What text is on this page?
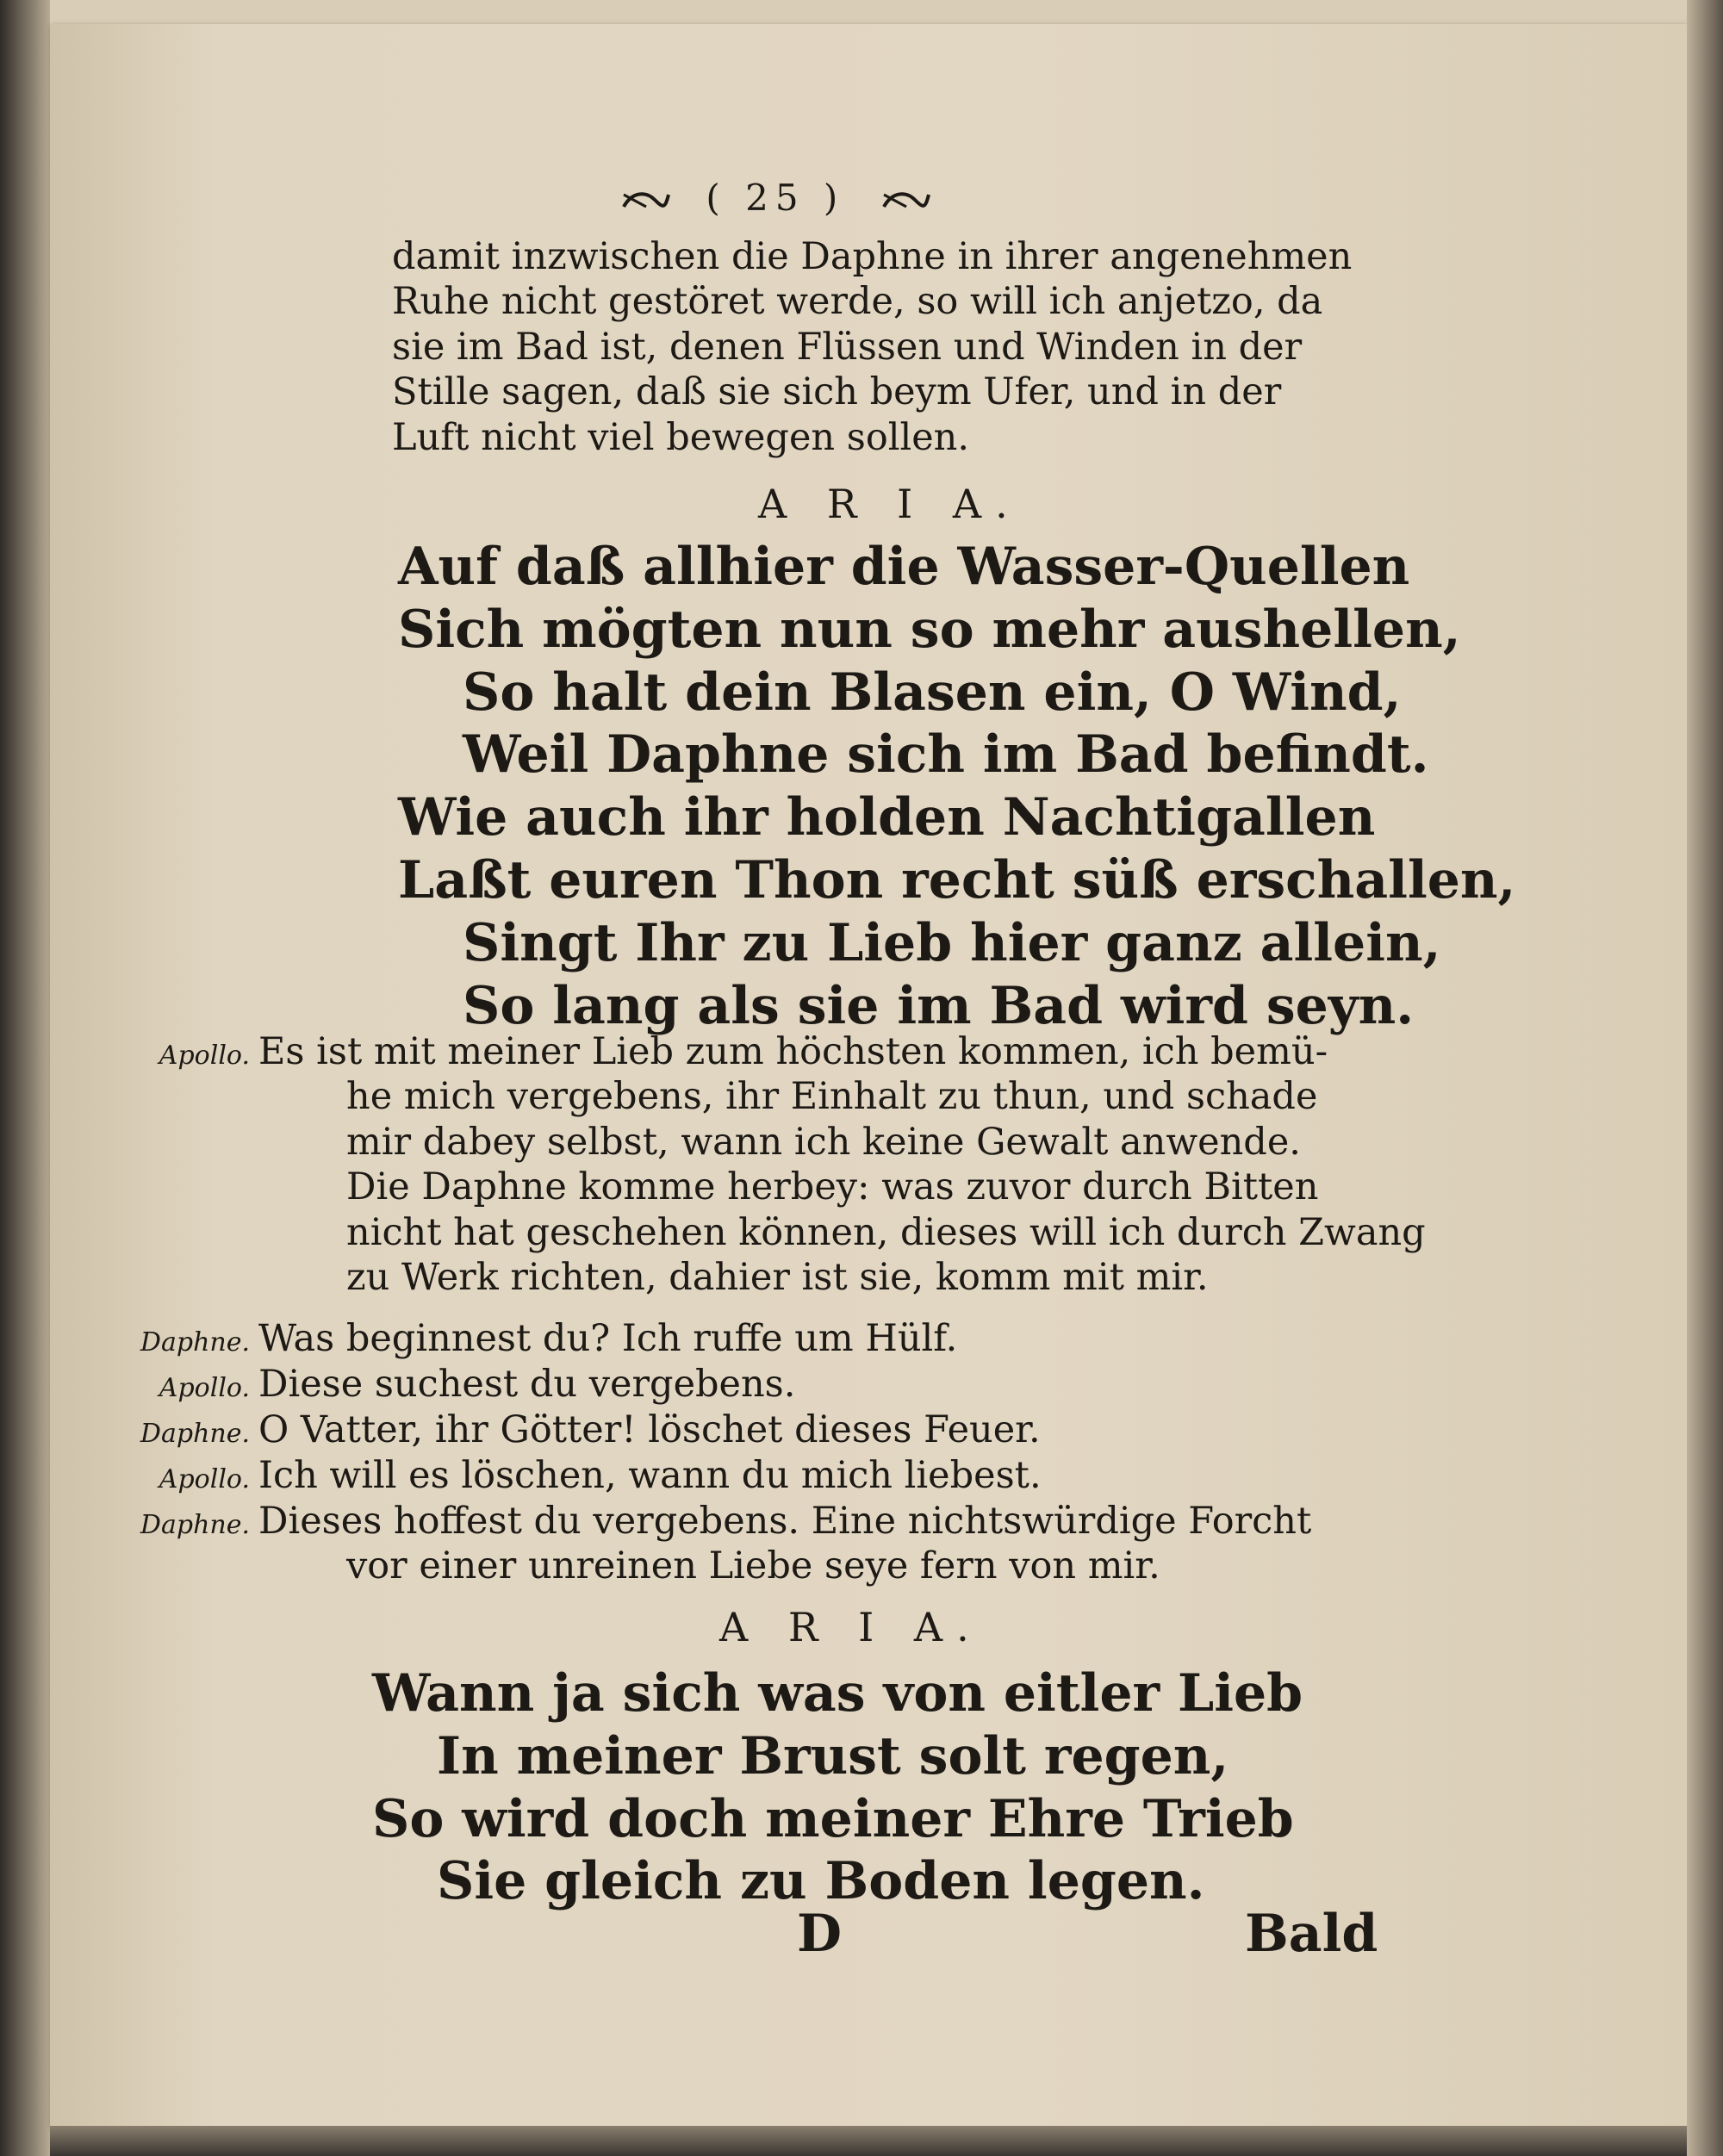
( 25 )
damit inzwischen die Daphne in ihrer angenehmen
Ruhe nicht gestöret werde, so will ich anjetzo, da
sie im Bad ist, denen Flüssen und Winden in der
Stille sagen, daß sie sich beym Ufer, und in der
Luft nicht viel bewegen sollen.
A R I A.
Auf daß allhier die Wasser-Quellen
Sich mögten nun so mehr aushellen,
So halt dein Blasen ein, O Wind,
Weil Daphne sich im Bad befindt.
Wie auch ihr holden Nachtigallen
Laßt euren Thon recht süß erschallen,
Singt Ihr zu Lieb hier ganz allein,
So lang als sie im Bad wird seyn.
Apollo. Es ist mit meiner Lieb zum höchsten kommen, ich bemü-
he mich vergebens, ihr Einhalt zu thun, und schade
mir dabey selbst, wann ich keine Gewalt anwende.
Die Daphne komme herbey: was zuvor durch Bitten
nicht hat geschehen können, dieses will ich durch Zwang
zu Werk richten, dahier ist sie, komm mit mir.
Daphne. Was beginnest du? Ich ruffe um Hülf.
Apollo. Diese suchest du vergebens.
Daphne. O Vatter, ihr Götter! löschet dieses Feuer.
Apollo. Ich will es löschen, wann du mich liebest.
Daphne. Dieses hoffest du vergebens. Eine nichtswürdige Forcht
vor einer unreinen Liebe seye fern von mir.
A R I A.
Wann ja sich was von eitler Lieb
In meiner Brust solt regen,
So wird doch meiner Ehre Trieb
Sie gleich zu Boden legen.
D	Bald
